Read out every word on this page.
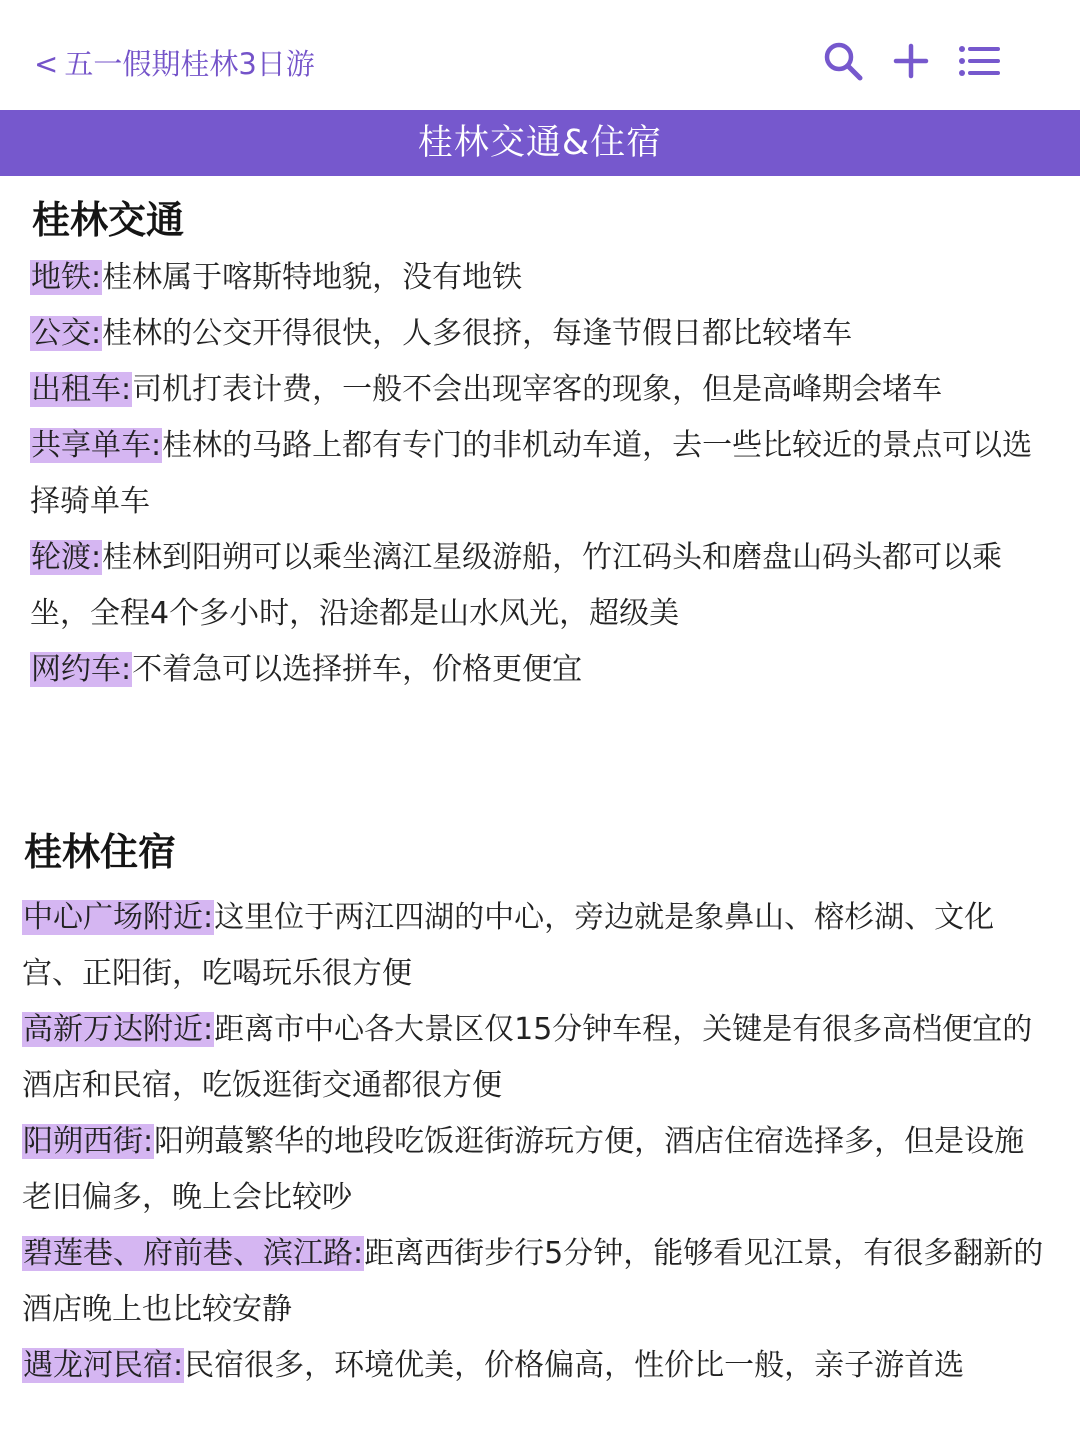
< 五一假期桂林3日游
桂林交通&住宿
桂林交通
地铁:桂林属于喀斯特地貌，没有地铁
公交:桂林的公交开得很快，人多很挤，每逢节假日都比较堵车
出租车:司机打表计费，一般不会出现宰客的现象，但是高峰期会堵车
共享单车:桂林的马路上都有专门的非机动车道，去一些比较近的景点可以选择骑单车
轮渡:桂林到阳朔可以乘坐漓江星级游船，竹江码头和磨盘山码头都可以乘坐，全程4个多小时，沿途都是山水风光，超级美
网约车:不着急可以选择拼车，价格更便宜
桂林住宿
中心广场附近:这里位于两江四湖的中心，旁边就是象鼻山、榕杉湖、文化宫、正阳街，吃喝玩乐很方便
高新万达附近:距离市中心各大景区仅15分钟车程，关键是有很多高档便宜的酒店和民宿，吃饭逛街交通都很方便
阳朔西街:阳朔蕞繁华的地段吃饭逛街游玩方便，酒店住宿选择多，但是设施老旧偏多，晚上会比较吵
碧莲巷、府前巷、滨江路:距离西街步行5分钟，能够看见江景，有很多翻新的酒店晚上也比较安静
遇龙河民宿:民宿很多，环境优美，价格偏高，性价比一般，亲子游首选
